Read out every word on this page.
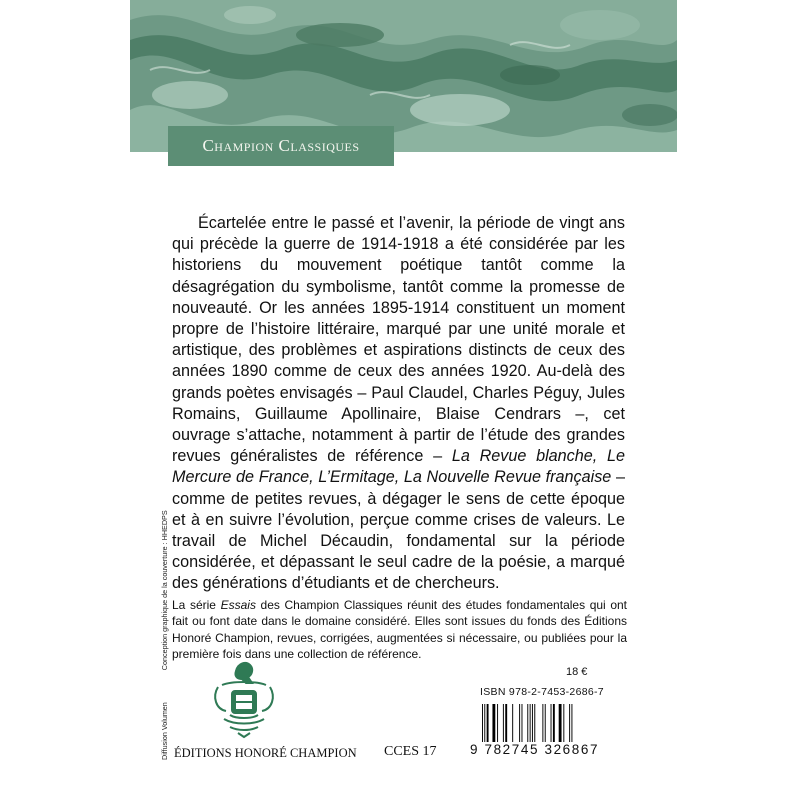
Champion Classiques

Écartelée entre le passé et l’avenir, la période de vingt ans qui précède la guerre de 1914-1918 a été considérée par les historiens du mouvement poétique tantôt comme la désagrégation du symbolisme, tantôt comme la promesse de nouveauté. Or les années 1895-1914 constituent un moment propre de l’histoire littéraire, marqué par une unité morale et artistique, des problèmes et aspirations distincts de ceux des années 1890 comme de ceux des années 1920. Au-delà des grands poètes envisagés – Paul Claudel, Charles Péguy, Jules Romains, Guillaume Apollinaire, Blaise Cendrars –, cet ouvrage s’attache, notamment à partir de l’étude des grandes revues généralistes de référence – La Revue blanche, Le Mercure de France, L’Ermitage, La Nouvelle Revue française – comme de petites revues, à dégager le sens de cette époque et à en suivre l’évolution, perçue comme crises de valeurs. Le travail de Michel Décaudin, fondamental sur la période considérée, et dépassant le seul cadre de la poésie, a marqué des générations d’étudiants et de chercheurs.

La série Essais des Champion Classiques réunit des études fondamentales qui ont fait ou font date dans le domaine considéré. Elles sont issues du fonds des Éditions Honoré Champion, revues, corrigées, augmentées si nécessaire, ou publiées pour la première fois dans une collection de référence.

Diffusion Volumen  Conception graphique de la couverture : HHEDPS
ÉDITIONS HONORÉ CHAMPION CCES 17
18 €
ISBN 978-2-7453-2686-7
9 782745 326867
